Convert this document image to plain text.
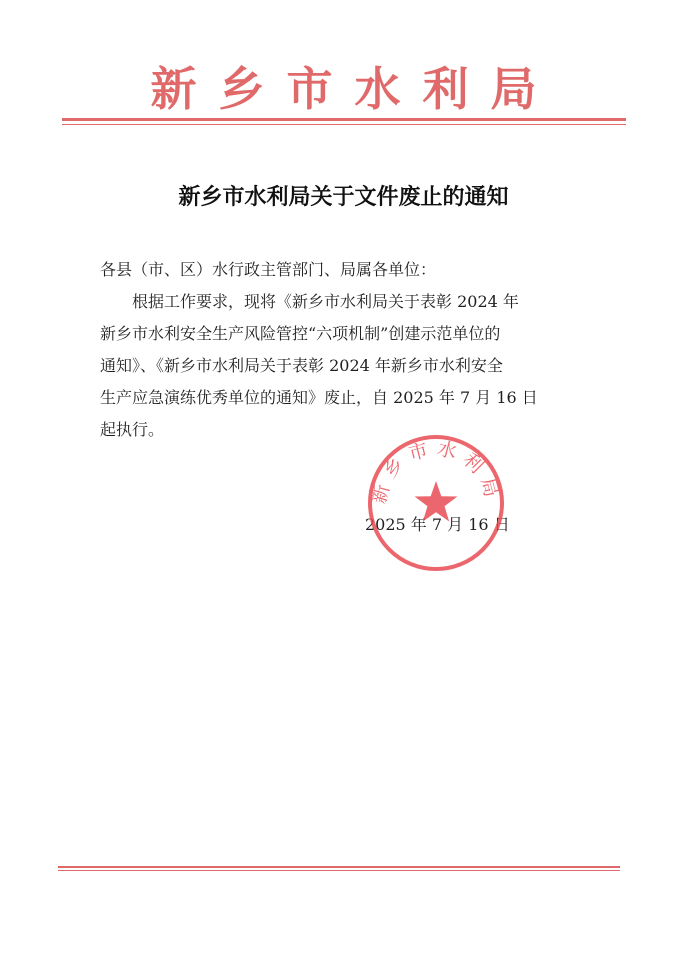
新乡市水利局
新乡市水利局关于文件废止的通知
各县（市、区）水行政主管部门、局属各单位：
根据工作要求，现将《新乡市水利局关于表彰 2024 年
新乡市水利安全生产风险管控“六项机制”创建示范单位的
通知》、《新乡市水利局关于表彰 2024 年新乡市水利安全
生产应急演练优秀单位的通知》废止，自 2025 年 7 月 16 日
起执行。
2025 年 7 月 16 日
新乡市水利局
